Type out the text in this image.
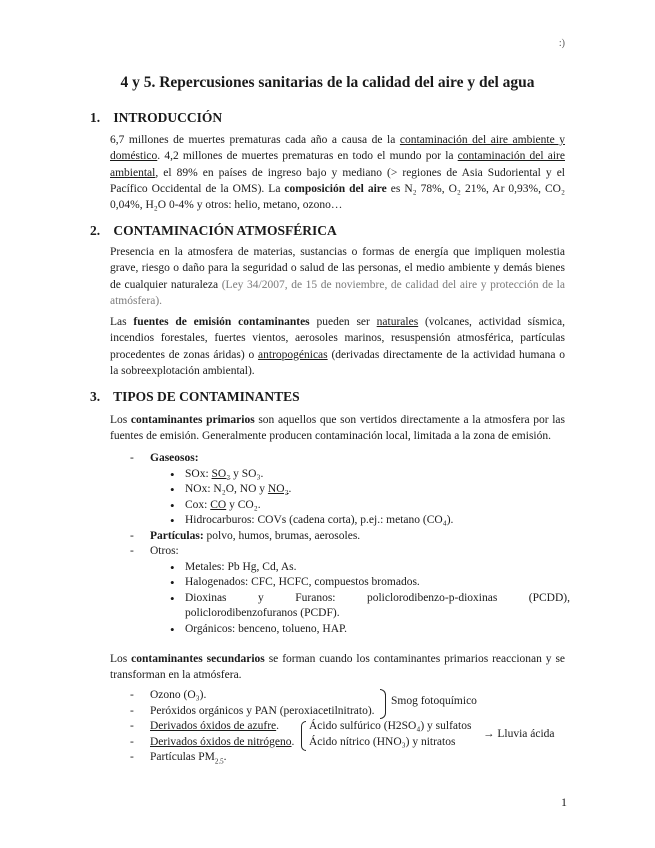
:)
4 y 5. Repercusiones sanitarias de la calidad del aire y del agua
1. INTRODUCCIÓN

6,7 millones de muertes prematuras cada año a causa de la contaminación del aire ambiente y doméstico. 4,2 millones de muertes prematuras en todo el mundo por la contaminación del aire ambiental, el 89% en países de ingreso bajo y mediano (> regiones de Asia Sudoriental y el Pacífico Occidental de la OMS). La composición del aire es N₂ 78%, O₂ 21%, Ar 0,93%, CO₂ 0,04%, H₂O 0-4% y otros: helio, metano, ozono…

2. CONTAMINACIÓN ATMOSFÉRICA

Presencia en la atmosfera de materias, sustancias o formas de energía que impliquen molestia grave, riesgo o daño para la seguridad o salud de las personas, el medio ambiente y demás bienes de cualquier naturaleza (Ley 34/2007, de 15 de noviembre, de calidad del aire y protección de la atmósfera).

Las fuentes de emisión contaminantes pueden ser naturales (volcanes, actividad sísmica, incendios forestales, fuertes vientos, aerosoles marinos, resuspensión atmosférica, partículas procedentes de zonas áridas) o antropogénicas (derivadas directamente de la actividad humana o la sobreexplotación ambiental).

3. TIPOS DE CONTAMINANTES

Los contaminantes primarios son aquellos que son vertidos directamente a la atmosfera por las fuentes de emisión. Generalmente producen contaminación local, limitada a la zona de emisión.

- Gaseosos:
• SOx: SO₂ y SO₃.
• NOx: N₂O, NO y NO₂.
• Cox: CO y CO₂.
• Hidrocarburos: COVs (cadena corta), p.ej.: metano (CO₄).
- Partículas: polvo, humos, brumas, aerosoles.
- Otros:
• Metales: Pb Hg, Cd, As.
• Halogenados: CFC, HCFC, compuestos bromados.
• Dioxinas y Furanos: policlorodibenzo-p-dioxinas (PCDD), policlorodibenzofuranos (PCDF).
• Orgánicos: benceno, tolueno, HAP.

Los contaminantes secundarios se forman cuando los contaminantes primarios reaccionan y se transforman en la atmósfera.

- Ozono (O₃).
- Peróxidos orgánicos y PAN (peroxiacetilnitrato).
- Derivados óxidos de azufre.
- Derivados óxidos de nitrógeno.
- Partículas $PM_{2.5}$.
Smog fotoquímico
Ácido sulfúrico (H2SO₄) y sulfatos
Ácido nítrico (HNO₃) y nitratos
→ Lluvia ácida
1
